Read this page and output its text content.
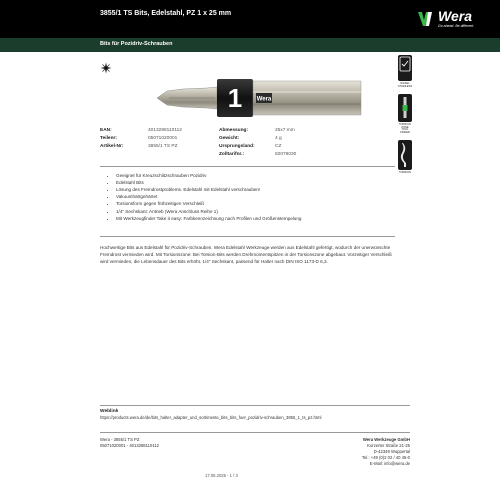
3855/1 TS Bits, Edelstahl, PZ 1 x 25 mm	Wera
Go ahead. Be different.
Bits für Pozidriv-Schrauben
1 Wera
NICKEL STAINLESS
TORSION ZONE TOOL FINDER
TORSION
EAN:	4013288110112
Teilenr:	05071020001
Artikel-Nr:	3855/1 TS PZ
Abmessung:	25x7 mm
Gewicht:	4 g
Ursprungsland:	CZ
Zolltarifnr.:	82079030
• Geeignet für Kreuzschlitzschrauben Pozidriv
• Edelstahl Bits
• Lösung des Fremdrostproblems. Edelstahl mit Edelstahl verschrauben!
• Vakuumhärtgehärtet
• Torsionsform gegen frühzeitigen Verschleiß
• 1/4" Sechskant: Antrieb (Wera Anschluss Reihe 1)
• Mit Werkzeugfinder Take it easy: Farbkennzeichnung nach Profilen und Größenstempelung
Hochwertige Bits aus Edelstahl für Pozidriv-Schrauben. Wera Edelstahl Werkzeuge werden aus Edelstahl gefertigt, wodurch der unerwünschte Fremdrost vermieden wird. Mit Torsionszone: Bei Torsion-Bits werden Drehmomentspitzen in der Torsionszone abgebaut. Vorzeitiger Verschleiß wird vermieden, die Lebensdauer des Bits erhöht. 1/4" Sechskant, passend für Halter nach DIN ISO 1173-D 6,3.
Weblink
https://products.wera.de/de/bits_halter_adapter_und_sortimente_bits_bits_fuer_pozidriv-schrauben_3855_1_ts_pz.html
Wera - 3855/1 TS PZ
05071020001 - 4013288110112
Wera Werkzeuge GmbH
Korzerter Straße 21-25
D-42349 Wuppertal
Tel.: +49 (0)2 02 / 40 45-0
E-Mail: info@wera.de
17.05.2025 - 1 / 3
